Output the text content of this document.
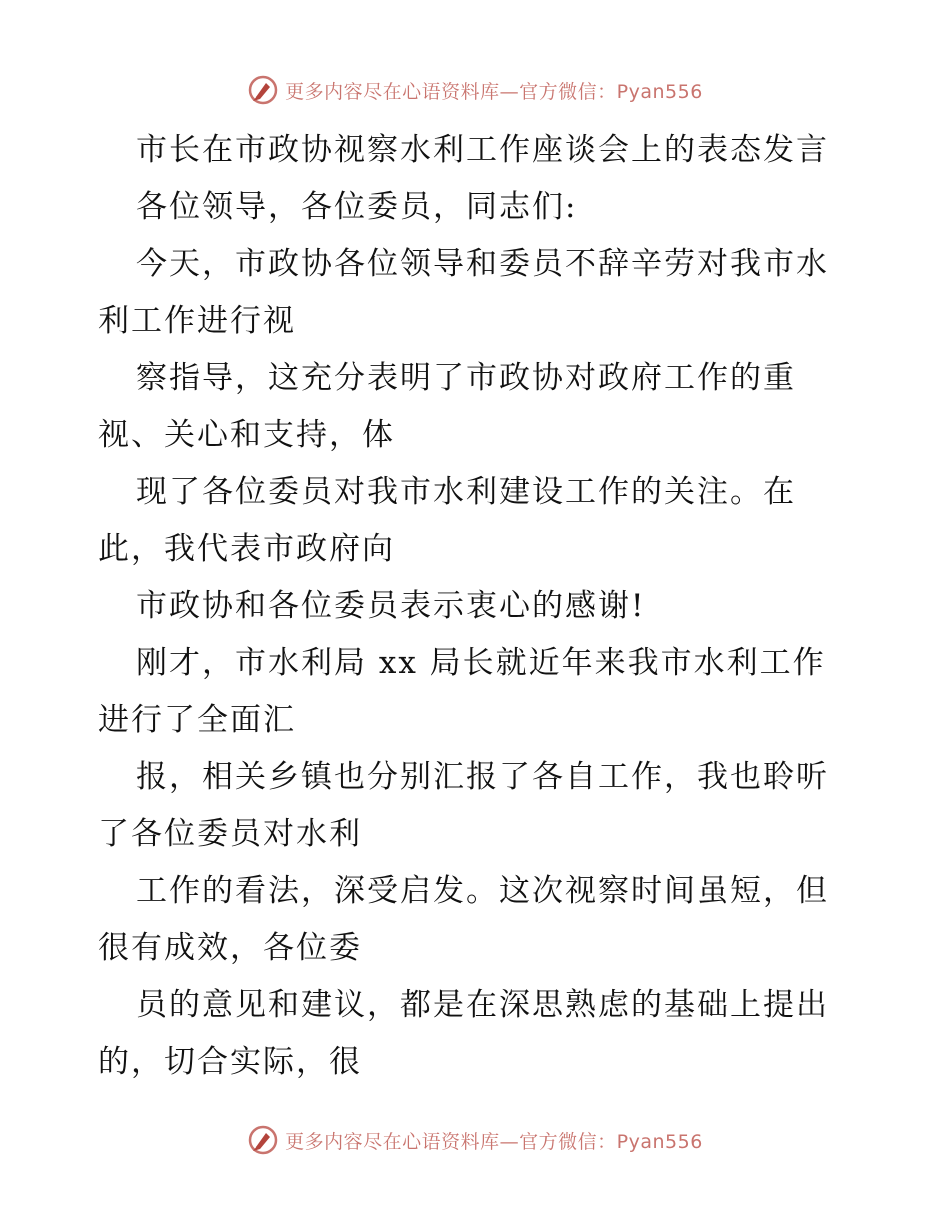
更多内容尽在心语资料库—官方微信：Pyan556
市长在市政协视察水利工作座谈会上的表态发言
各位领导，各位委员，同志们:
今天，市政协各位领导和委员不辞辛劳对我市水
利工作进行视
察指导，这充分表明了市政协对政府工作的重
视、关心和支持，体
现了各位委员对我市水利建设工作的关注。在
此，我代表市政府向
市政协和各位委员表示衷心的感谢!
刚才，市水利局 xx 局长就近年来我市水利工作
进行了全面汇
报，相关乡镇也分别汇报了各自工作，我也聆听
了各位委员对水利
工作的看法，深受启发。这次视察时间虽短，但
很有成效，各位委
员的意见和建议，都是在深思熟虑的基础上提出
的，切合实际，很
更多内容尽在心语资料库—官方微信：Pyan556
